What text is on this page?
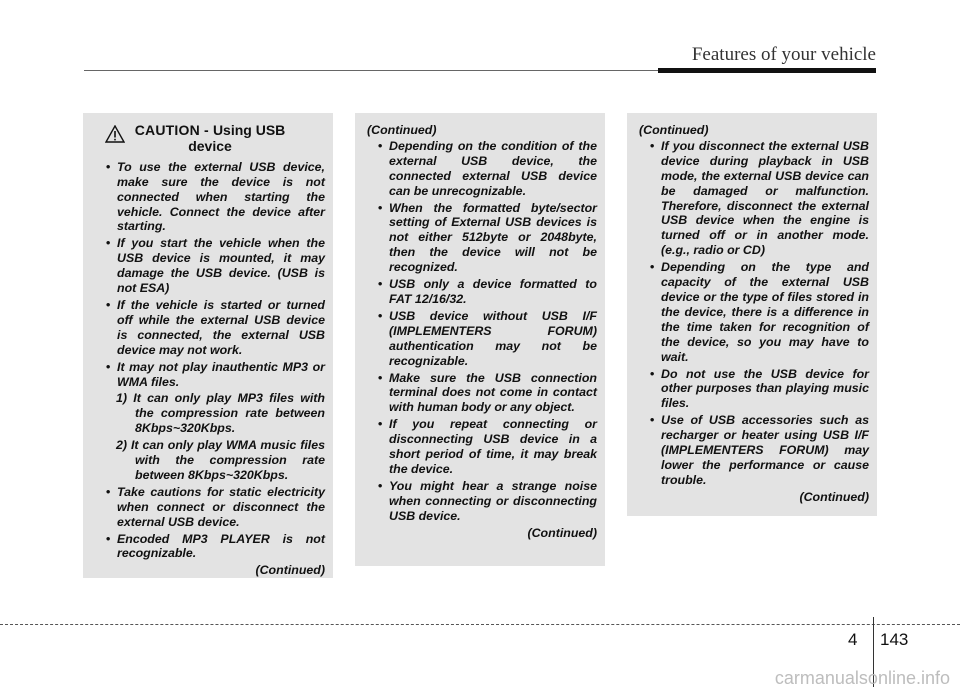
Features of your vehicle
CAUTION - Using USB
device
• To use the external USB device, make sure the device is not connected when starting the vehicle. Connect the device after starting.
• If you start the vehicle when the USB device is mounted, it may damage the USB device. (USB is not ESA)
• If the vehicle is started or turned off while the external USB device is connected, the external USB device may not work.
• It may not play inauthentic MP3 or WMA files.
1) It can only play MP3 files with the compression rate between 8Kbps~320Kbps.
2) It can only play WMA music files with the compression rate between 8Kbps~320Kbps.
• Take cautions for static electricity when connect or disconnect the external USB device.
• Encoded MP3 PLAYER is not recognizable.
(Continued)
(Continued)
• Depending on the condition of the external USB device, the connected external USB device can be unrecognizable.
• When the formatted byte/sector setting of External USB devices is not either 512byte or 2048byte, then the device will not be recognized.
• USB only a device formatted to FAT 12/16/32.
• USB device without USB I/F (IMPLEMENTERS FORUM) authentication may not be recognizable.
• Make sure the USB connection terminal does not come in contact with human body or any object.
• If you repeat connecting or disconnecting USB device in a short period of time, it may break the device.
• You might hear a strange noise when connecting or disconnecting USB device.
(Continued)
(Continued)
• If you disconnect the external USB device during playback in USB mode, the external USB device can be damaged or malfunction. Therefore, disconnect the external USB device when the engine is turned off or in another mode. (e.g., radio or CD)
• Depending on the type and capacity of the external USB device or the type of files stored in the device, there is a difference in the time taken for recognition of the device, so you may have to wait.
• Do not use the USB device for other purposes than playing music files.
• Use of USB accessories such as recharger or heater using USB I/F (IMPLEMENTERS FORUM) may lower the performance or cause trouble.
(Continued)
4 143
carmanualsonline.info
